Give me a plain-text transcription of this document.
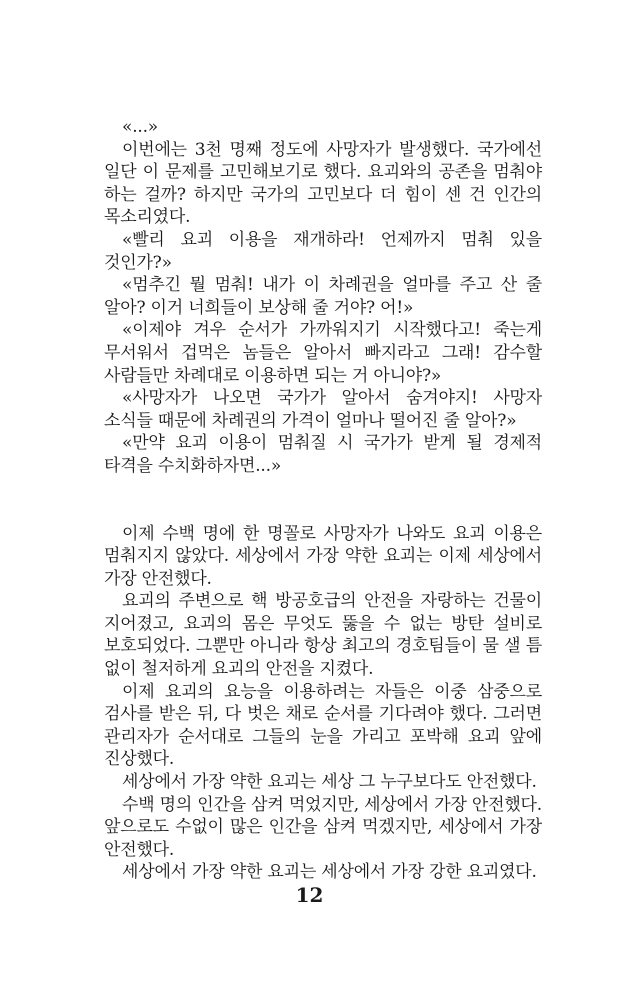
«...»

이번에는 3천 명째 정도에 사망자가 발생했다. 국가에선 일단 이 문제를 고민해보기로 했다. 요괴와의 공존을 멈춰야 하는 걸까? 하지만 국가의 고민보다 더 힘이 센 건 인간의 목소리였다.

«빨리 요괴 이용을 재개하라! 언제까지 멈춰 있을 것인가?»

«멈추긴 뭘 멈춰! 내가 이 차례권을 얼마를 주고 산 줄 알아? 이거 너희들이 보상해 줄 거야? 어!»

«이제야 겨우 순서가 가까워지기 시작했다고! 죽는게 무서워서 겁먹은 놈들은 알아서 빠지라고 그래! 감수할 사람들만 차례대로 이용하면 되는 거 아니야?»

«사망자가 나오면 국가가 알아서 숨겨야지! 사망자 소식들 때문에 차례권의 가격이 얼마나 떨어진 줄 알아?»

«만약 요괴 이용이 멈춰질 시 국가가 받게 될 경제적 타격을 수치화하자면...»

이제 수백 명에 한 명꼴로 사망자가 나와도 요괴 이용은 멈춰지지 않았다. 세상에서 가장 약한 요괴는 이제 세상에서 가장 안전했다.

요괴의 주변으로 핵 방공호급의 안전을 자랑하는 건물이 지어졌고, 요괴의 몸은 무엇도 뚫을 수 없는 방탄 설비로 보호되었다. 그뿐만 아니라 항상 최고의 경호팀들이 물 샐 틈 없이 철저하게 요괴의 안전을 지켰다.

이제 요괴의 요능을 이용하려는 자들은 이중 삼중으로 검사를 받은 뒤, 다 벗은 채로 순서를 기다려야 했다. 그러면 관리자가 순서대로 그들의 눈을 가리고 포박해 요괴 앞에 진상했다.

세상에서 가장 약한 요괴는 세상 그 누구보다도 안전했다.

수백 명의 인간을 삼켜 먹었지만, 세상에서 가장 안전했다. 앞으로도 수없이 많은 인간을 삼켜 먹겠지만, 세상에서 가장 안전했다.

세상에서 가장 약한 요괴는 세상에서 가장 강한 요괴였다.

12
